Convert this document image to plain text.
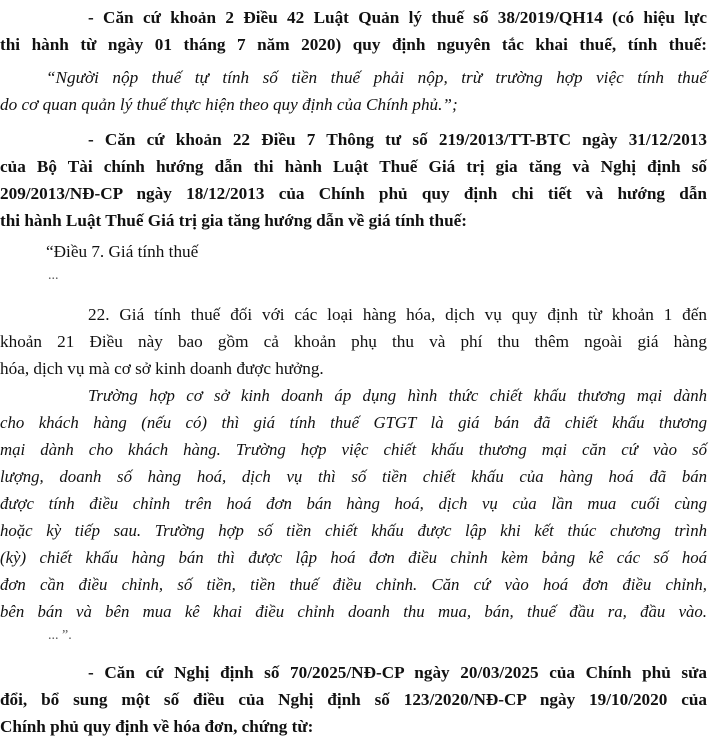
- Căn cứ khoản 2 Điều 42 Luật Quản lý thuế số 38/2019/QH14 (có hiệu lực
thi hành từ ngày 01 tháng 7 năm 2020) quy định nguyên tắc khai thuế, tính thuế:
“Người nộp thuế tự tính số tiền thuế phải nộp, trừ trường hợp việc tính thuế
do cơ quan quản lý thuế thực hiện theo quy định của Chính phủ.”;
- Căn cứ khoản 22 Điều 7 Thông tư số 219/2013/TT-BTC ngày 31/12/2013
của Bộ Tài chính hướng dẫn thi hành Luật Thuế Giá trị gia tăng và Nghị định số
209/2013/NĐ-CP ngày 18/12/2013 của Chính phủ quy định chi tiết và hướng dẫn
thi hành Luật Thuế Giá trị gia tăng hướng dẫn về giá tính thuế:
“Điều 7. Giá tính thuế

...

22. Giá tính thuế đối với các loại hàng hóa, dịch vụ quy định từ khoản 1 đến
khoản 21 Điều này bao gồm cả khoản phụ thu và phí thu thêm ngoài giá hàng
hóa, dịch vụ mà cơ sở kinh doanh được hưởng.
Trường hợp cơ sở kinh doanh áp dụng hình thức chiết khấu thương mại dành
cho khách hàng (nếu có) thì giá tính thuế GTGT là giá bán đã chiết khấu thương
mại dành cho khách hàng. Trường hợp việc chiết khấu thương mại căn cứ vào số
lượng, doanh số hàng hoá, dịch vụ thì số tiền chiết khấu của hàng hoá đã bán
được tính điều chỉnh trên hoá đơn bán hàng hoá, dịch vụ của lần mua cuối cùng
hoặc kỳ tiếp sau. Trường hợp số tiền chiết khấu được lập khi kết thúc chương trình
(kỳ) chiết khấu hàng bán thì được lập hoá đơn điều chỉnh kèm bảng kê các số hoá
đơn cần điều chỉnh, số tiền, tiền thuế điều chỉnh. Căn cứ vào hoá đơn điều chỉnh,
bên bán và bên mua kê khai điều chỉnh doanh thu mua, bán, thuế đầu ra, đầu vào.

... ”.

- Căn cứ Nghị định số 70/2025/NĐ-CP ngày 20/03/2025 của Chính phủ sửa
đổi, bổ sung một số điều của Nghị định số 123/2020/NĐ-CP ngày 19/10/2020 của
Chính phủ quy định về hóa đơn, chứng từ:
